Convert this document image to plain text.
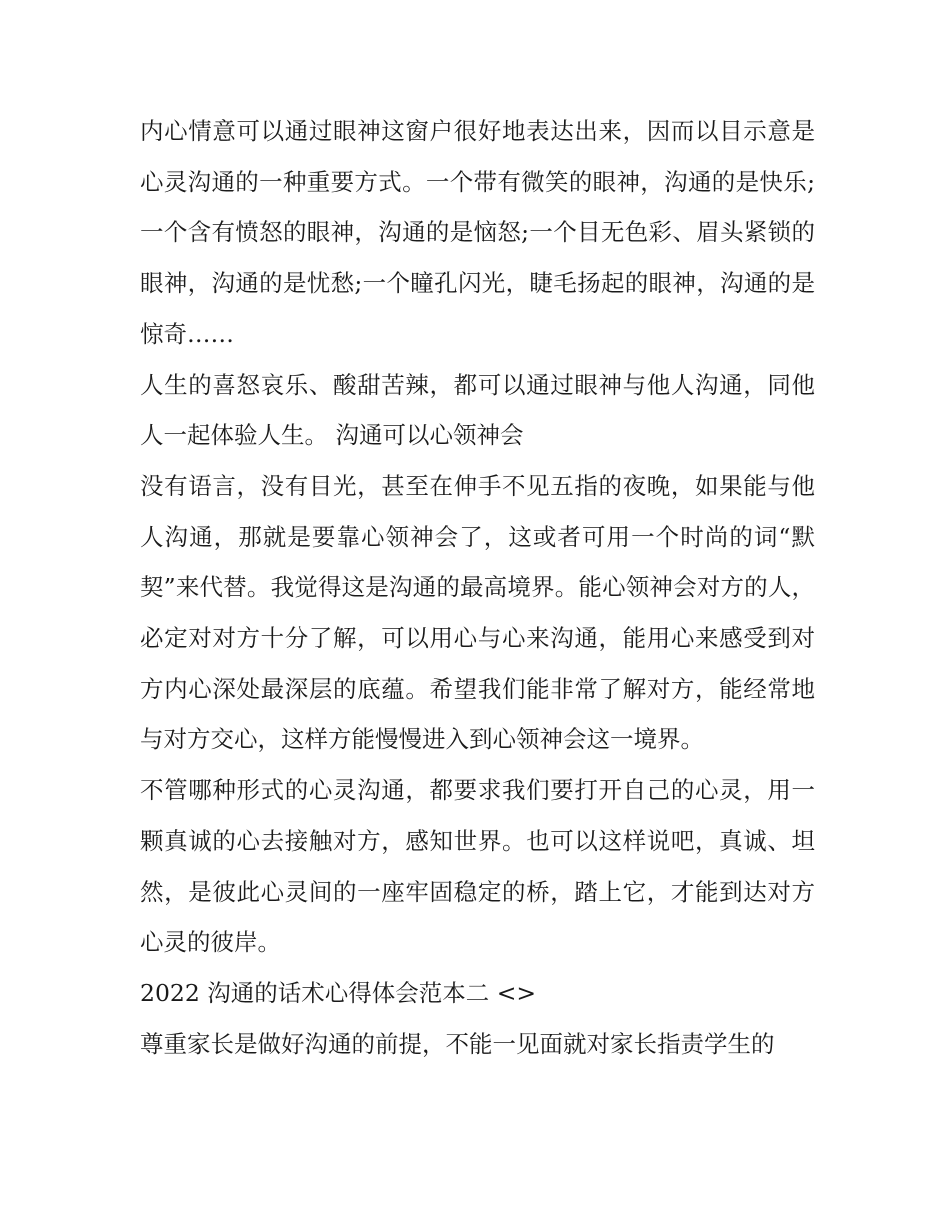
内心情意可以通过眼神这窗户很好地表达出来，因而以目示意是心灵沟通的一种重要方式。一个带有微笑的眼神，沟通的是快乐;一个含有愤怒的眼神，沟通的是恼怒;一个目无色彩、眉头紧锁的眼神，沟通的是忧愁;一个瞳孔闪光，睫毛扬起的眼神，沟通的是惊奇……

人生的喜怒哀乐、酸甜苦辣，都可以通过眼神与他人沟通，同他人一起体验人生。 沟通可以心领神会

没有语言，没有目光，甚至在伸手不见五指的夜晚，如果能与他人沟通，那就是要靠心领神会了，这或者可用一个时尚的词“默契”来代替。我觉得这是沟通的最高境界。能心领神会对方的人，必定对对方十分了解，可以用心与心来沟通，能用心来感受到对方内心深处最深层的底蕴。希望我们能非常了解对方，能经常地与对方交心，这样方能慢慢进入到心领神会这一境界。

不管哪种形式的心灵沟通，都要求我们要打开自己的心灵，用一颗真诚的心去接触对方，感知世界。也可以这样说吧，真诚、坦然，是彼此心灵间的一座牢固稳定的桥，踏上它，才能到达对方心灵的彼岸。

2022 沟通的话术心得体会范本二 <>

尊重家长是做好沟通的前提，不能一见面就对家长指责学生的
